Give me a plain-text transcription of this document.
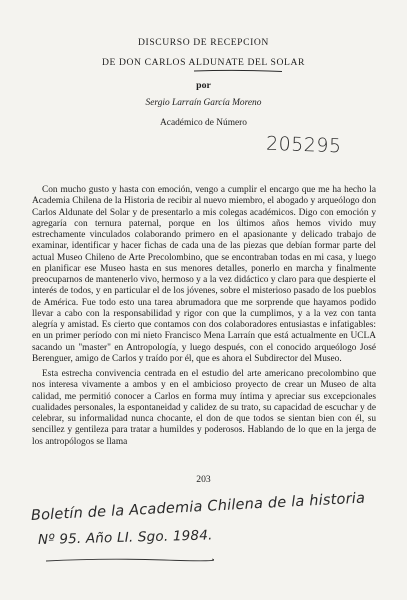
DISCURSO DE RECEPCION
DE DON CARLOS ALDUNATE DEL SOLAR
por
Sergio Larraín García Moreno
Académico de Número
205295

Con mucho gusto y hasta con emoción, vengo a cumplir el encargo que me ha hecho la Academia Chilena de la Historia de recibir al nuevo miembro, el abogado y arqueólogo don Carlos Aldunate del Solar y de presentarlo a mis colegas académicos. Digo con emoción y agregaría con ternura paternal, porque en los últimos años hemos vivido muy estrechamente vinculados colaborando primero en el apasionante y delicado trabajo de examinar, identificar y hacer fichas de cada una de las piezas que debían formar parte del actual Museo Chileno de Arte Precolombino, que se encontraban todas en mi casa, y luego en planificar ese Museo hasta en sus menores detalles, ponerlo en marcha y finalmente preocuparnos de mantenerlo vivo, hermoso y a la vez didáctico y claro para que despierte el interés de todos, y en particular el de los jóvenes, sobre el misterioso pasado de los pueblos de América. Fue todo esto una tarea abrumadora que me sorprende que hayamos podido llevar a cabo con la responsabilidad y rigor con que la cumplimos, y a la vez con tanta alegría y amistad. Es cierto que contamos con dos colaboradores entusiastas e infatigables: en un primer período con mi nieto Francisco Mena Larraín que está actualmente en UCLA sacando un "master" en Antropología, y luego después, con el conocido arqueólogo José Berenguer, amigo de Carlos y traído por él, que es ahora el Subdirector del Museo.

Esta estrecha convivencia centrada en el estudio del arte americano precolombino que nos interesa vivamente a ambos y en el ambicioso proyecto de crear un Museo de alta calidad, me permitió conocer a Carlos en forma muy íntima y apreciar sus excepcionales cualidades personales, la espontaneidad y calidez de su trato, su capacidad de escuchar y de celebrar, su informalidad nunca chocante, el don de que todos se sientan bien con él, su sencillez y gentileza para tratar a humildes y poderosos. Hablando de lo que en la jerga de los antropólogos se llama

203
Boletín de la Academia Chilena de la historia
Nº 95. Año LI. Sgo. 1984.
